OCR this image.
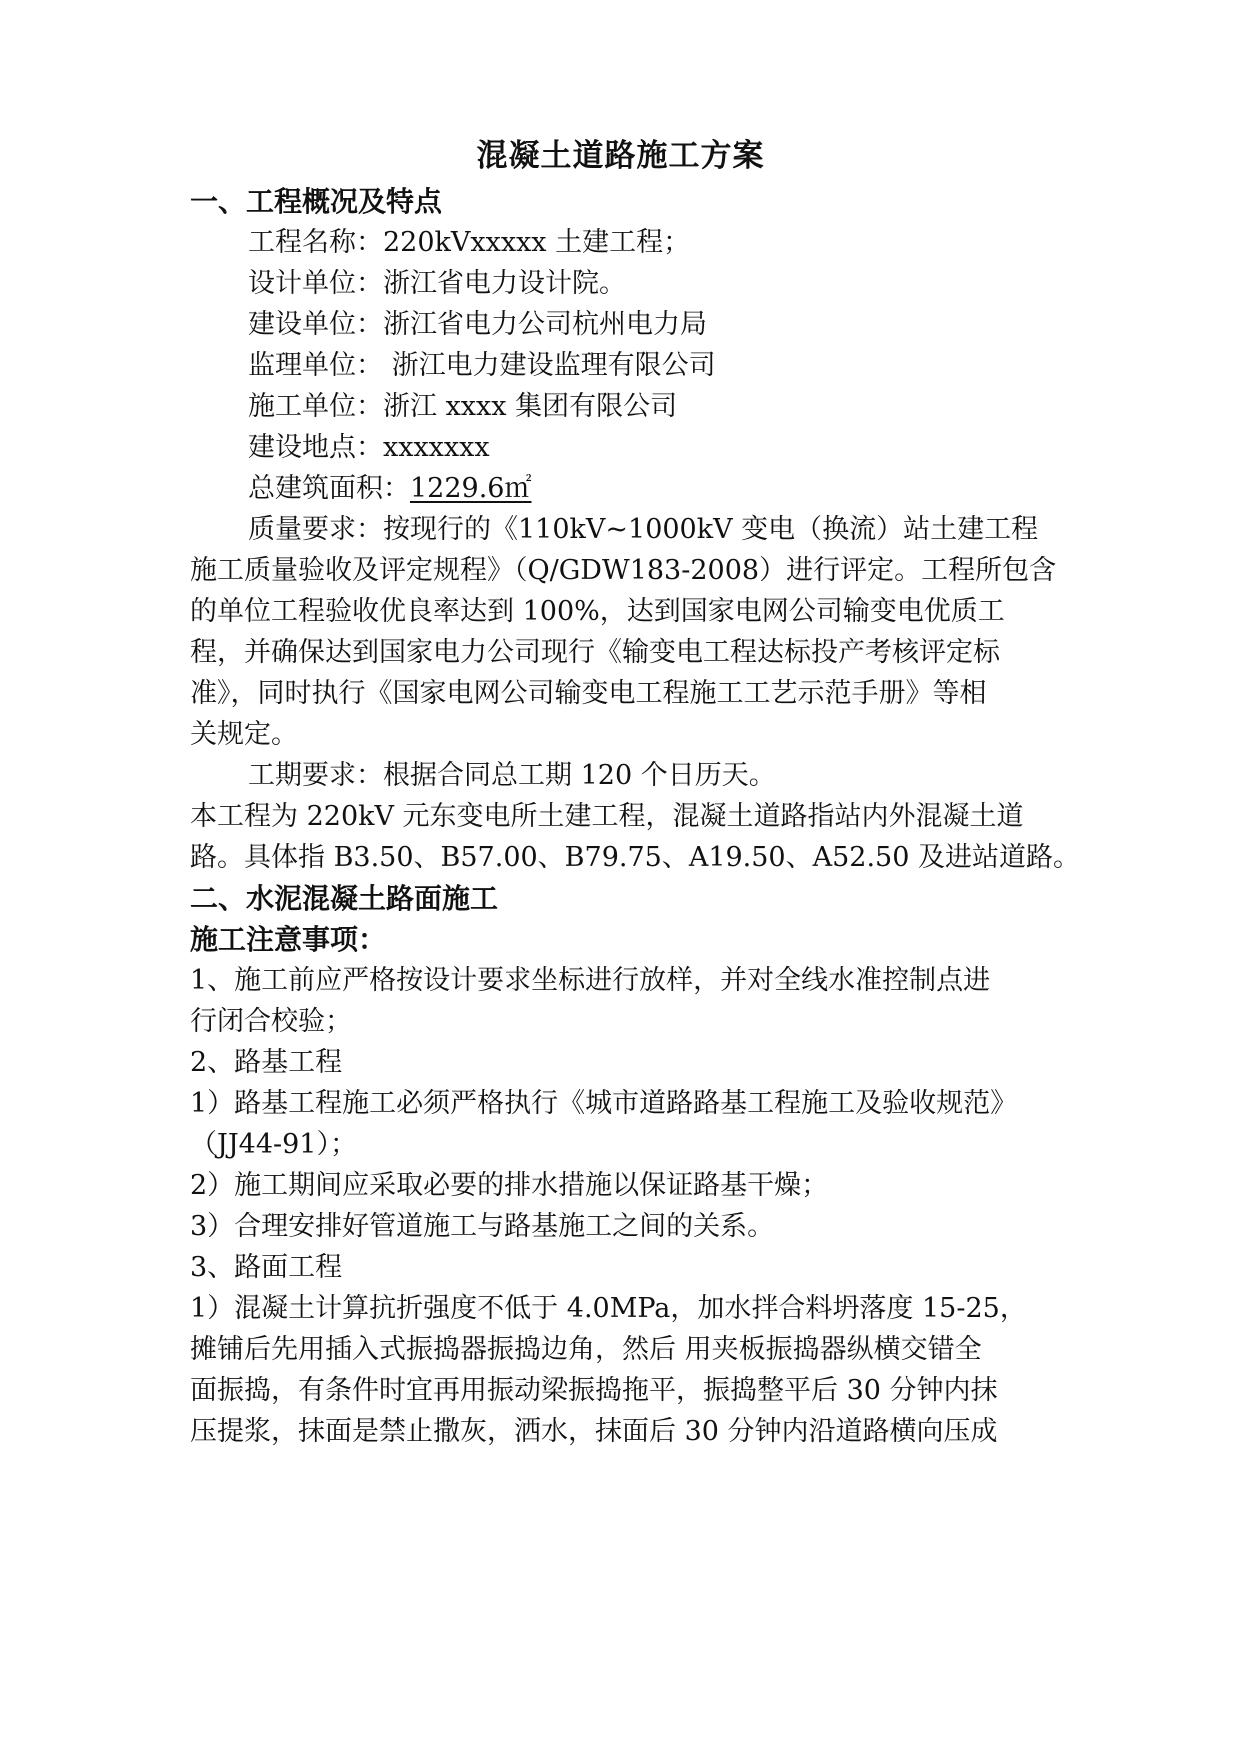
混凝土道路施工方案
一、工程概况及特点
工程名称：220kVxxxxx 土建工程；
设计单位：浙江省电力设计院。
建设单位：浙江省电力公司杭州电力局
监理单位： 浙江电力建设监理有限公司
施工单位：浙江 xxxx 集团有限公司
建设地点：xxxxxxx
总建筑面积：1229.6㎡
质量要求：按现行的《110kV~1000kV 变电（换流）站土建工程
施工质量验收及评定规程》（Q/GDW183-2008）进行评定。工程所包含
的单位工程验收优良率达到 100%，达到国家电网公司输变电优质工
程，并确保达到国家电力公司现行《输变电工程达标投产考核评定标
准》，同时执行《国家电网公司输变电工程施工工艺示范手册》等相
关规定。
工期要求：根据合同总工期 120 个日历天。
本工程为 220kV 元东变电所土建工程，混凝土道路指站内外混凝土道
路。具体指 B3.50、B57.00、B79.75、A19.50、A52.50 及进站道路。
二、水泥混凝土路面施工
施工注意事项：
1、施工前应严格按设计要求坐标进行放样，并对全线水准控制点进
行闭合校验；
2、路基工程
1）路基工程施工必须严格执行《城市道路路基工程施工及验收规范》
（JJ44-91）；
2）施工期间应采取必要的排水措施以保证路基干燥；
3）合理安排好管道施工与路基施工之间的关系。
3、路面工程
1）混凝土计算抗折强度不低于 4.0MPa，加水拌合料坍落度 15-25，
摊铺后先用插入式振捣器振捣边角，然后 用夹板振捣器纵横交错全
面振捣，有条件时宜再用振动梁振捣拖平，振捣整平后 30 分钟内抹
压提浆，抹面是禁止撒灰，洒水，抹面后 30 分钟内沿道路横向压成
